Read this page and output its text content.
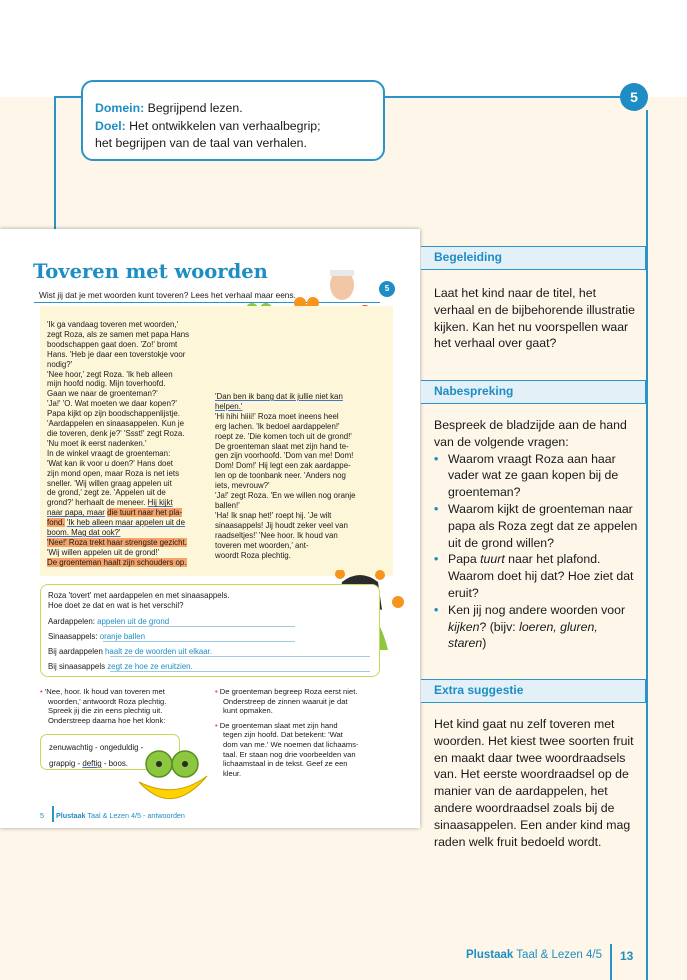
Domein: Begrijpend lezen.
Doel: Het ontwikkelen van verhaalbegrip;
het begrijpen van de taal van verhalen.
5
Toveren met woorden
Wist jij dat je met woorden kunt toveren? Lees het verhaal maar eens.
5

'Ik ga vandaag toveren met woorden,'

zegt Roza, als ze samen met papa Hans

boodschappen gaat doen. 'Zo!' bromt

Hans. 'Heb je daar een toverstokje voor

nodig?'

'Nee hoor,' zegt Roza. 'Ik heb alleen

mijn hoofd nodig. Mijn toverhoofd.

Gaan we naar de groenteman?'

'Ja!' 'O. Wat moeten we daar kopen?'

Papa kijkt op zijn boodschappenlijstje.

'Aardappelen en sinaasappelen. Kun je

die toveren, denk je?' 'Ssst!' zegt Roza.

'Nu moet ik eerst nadenken.'

In de winkel vraagt de groenteman:

'Wat kan ik voor u doen?' Hans doet

zijn mond open, maar Roza is net iets

sneller. 'Wij willen graag appelen uit

de grond,' zegt ze. 'Appelen uit de

grond?' herhaalt de meneer. Hij kijkt

naar papa, maar die tuurt naar het pla-

fond. 'Ik heb alleen maar appelen uit de

boom. Mag dat ook?'

'Nee!' Roza trekt haar strengste gezicht.

'Wij willen appelen uit de grond!'

De groenteman haalt zijn schouders op.

'Dan ben ik bang dat ik jullie niet kan

helpen.'

'Hi hihi hiiii!' Roza moet ineens heel

erg lachen. 'Ik bedoel aardappelen!'

roept ze. 'Die komen toch uit de grond!'

De groenteman slaat met zijn hand te-

gen zijn voorhoofd. 'Dom van me! Dom!

Dom! Dom!' Hij legt een zak aardappe-

len op de toonbank neer. 'Anders nog

iets, mevrouw?'

'Ja!' zegt Roza. 'En we willen nog oranje

ballen!'

'Ha! Ik snap het!' roept hij. 'Je wilt

sinaasappels! Jij houdt zeker veel van

raadseltjes!' 'Nee hoor. Ik houd van

toveren met woorden,' ant-

woordt Roza plechtig.

Roza 'tovert' met aardappelen en met sinaasappels.
Hoe doet ze dat en wat is het verschil?
Aardappelen: appelen uit de grond
Sinaasappels: oranje ballen
Bij aardappelen haalt ze de woorden uit elkaar.
Bij sinaasappels zegt ze hoe ze eruitzien.
• 'Nee, hoor. Ik houd van toveren met
woorden,' antwoordt Roza plechtig.
Spreek jij die zin eens plechtig uit.
Onderstreep daarna hoe het klonk:
zenuwachtig - ongeduldig -
grappig - deftig - boos.
• De groenteman begreep Roza eerst niet.
Onderstreep de zinnen waaruit je dat
kunt opmaken.
• De groenteman slaat met zijn hand
tegen zijn hoofd. Dat betekent: 'Wat
dom van me.' We noemen dat lichaams-
taal. Er staan nog drie voorbeelden van
lichaamstaal in de tekst. Geef ze een
kleur.
5 Plustaak Taal & Lezen 4/5 - antwoorden
Begeleiding

Laat het kind naar de titel, het verhaal en de bijbehorende illustratie kijken. Kan het nu voorspellen waar het verhaal over gaat?

Nabespreking

Bespreek de bladzijde aan de hand van de volgende vragen:

• Waarom vraagt Roza aan haar vader wat ze gaan kopen bij de groenteman?
• Waarom kijkt de groenteman naar papa als Roza zegt dat ze appelen uit de grond willen?
• Papa tuurt naar het plafond. Waarom doet hij dat? Hoe ziet dat eruit?
• Ken jij nog andere woorden voor kijken? (bijv: loeren, gluren, staren)
Extra suggestie

Het kind gaat nu zelf toveren met woorden. Het kiest twee soorten fruit en maakt daar twee woordraadsels van. Het eerste woordraadsel op de manier van de aardappelen, het andere woordraadsel zoals bij de sinaasappelen. Een ander kind mag raden welk fruit bedoeld wordt.

Plustaak Taal & Lezen 4/5 13
